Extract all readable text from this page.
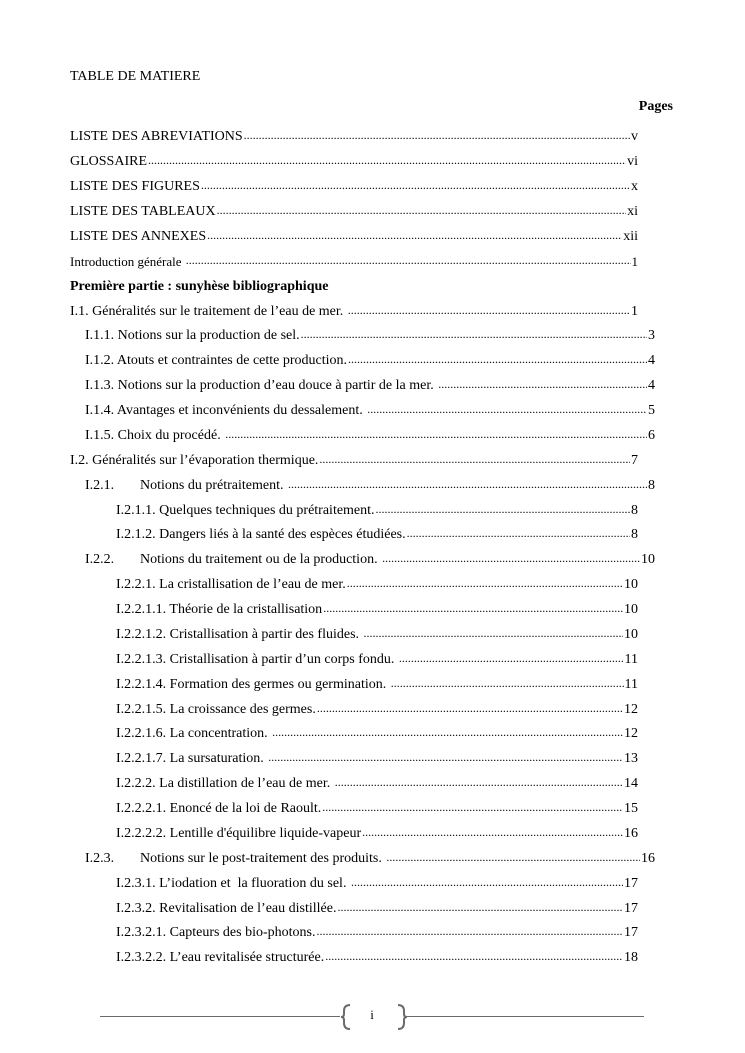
TABLE DE MATIERE
Pages
LISTE DES ABREVIATIONS .....	v
GLOSSAIRE .....	vi
LISTE DES FIGURES .....	x
LISTE DES TABLEAUX .....	xi
LISTE DES ANNEXES .....	xii
Introduction générale .....	1
Première partie : sunyhèse bibliographique
I.1. Généralités sur le traitement de l’eau de mer. .....	1
I.1.1. Notions sur la production de sel. .....	3
I.1.2. Atouts et contraintes de cette production. .....	4
I.1.3. Notions sur la production d’eau douce à partir de la mer. .....	4
I.1.4. Avantages et inconvénients du dessalement. .....	5
I.1.5. Choix du procédé. .....	6
I.2. Généralités sur l’évaporation thermique. .....	7
I.2.1. Notions du prétraitement. .....	8
I.2.1.1. Quelques techniques du prétraitement. .....	8
I.2.1.2. Dangers liés à la santé des espèces étudiées. .....	8
I.2.2. Notions du traitement ou de la production. .....	10
I.2.2.1. La cristallisation de l’eau de mer. .....	10
I.2.2.1.1. Théorie de la cristallisation .....	10
I.2.2.1.2. Cristallisation à partir des fluides. .....	10
I.2.2.1.3. Cristallisation à partir d’un corps fondu. .....	11
I.2.2.1.4. Formation des germes ou germination. .....	11
I.2.2.1.5. La croissance des germes. .....	12
I.2.2.1.6. La concentration. .....	12
I.2.2.1.7. La sursaturation. .....	13
I.2.2.2. La distillation de l’eau de mer. .....	14
I.2.2.2.1. Enoncé de la loi de Raoult. .....	15
I.2.2.2.2. Lentille d'équilibre liquide-vapeur .....	16
I.2.3. Notions sur le post-traitement des produits. .....	16
I.2.3.1. L’iodation et  la fluoration du sel. .....	17
I.2.3.2. Revitalisation de l’eau distillée. .....	17
I.2.3.2.1. Capteurs des bio-photons. .....	17
I.2.3.2.2. L’eau revitalisée structurée. .....	18
i
